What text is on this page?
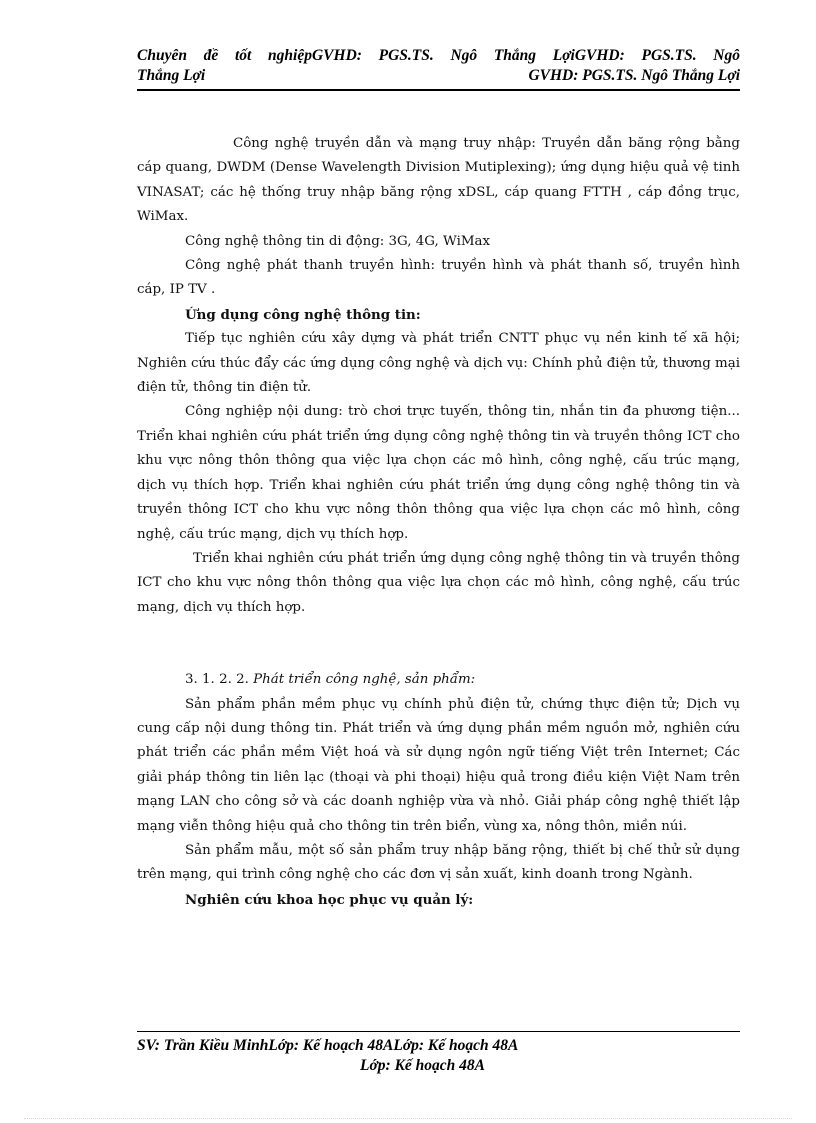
Chuyên đề tốt nghiệpGVHD: PGS.TS. Ngô Thắng LợiGVHD: PGS.TS. Ngô
Thắng Lợi	GVHD: PGS.TS. Ngô Thắng Lợi

Công nghệ truyền dẫn và mạng truy nhập: Truyền dẫn băng rộng bằng cáp quang, DWDM (Dense Wavelength Division Mutiplexing); ứng dụng hiệu quả vệ tinh VINASAT; các hệ thống truy nhập băng rộng xDSL, cáp quang FTTH , cáp đồng trục, WiMax.

Công nghệ thông tin di động: 3G, 4G, WiMax

Công nghệ phát thanh truyền hình: truyền hình và phát thanh số, truyền hình cáp, IP TV .

Ứng dụng công nghệ thông tin:

Tiếp tục nghiên cứu xây dựng và phát triển CNTT phục vụ nền kinh tế xã hội; Nghiên cứu thúc đẩy các ứng dụng công nghệ và dịch vụ: Chính phủ điện tử, thương mại điện tử, thông tin điện tử.

Công nghiệp nội dung: trò chơi trực tuyến, thông tin, nhắn tin đa phương tiện... Triển khai nghiên cứu phát triển ứng dụng công nghệ thông tin và truyền thông ICT cho khu vực nông thôn thông qua việc lựa chọn các mô hình, công nghệ, cấu trúc mạng, dịch vụ thích hợp. Triển khai nghiên cứu phát triển ứng dụng công nghệ thông tin và truyền thông ICT cho khu vực nông thôn thông qua việc lựa chọn các mô hình, công nghệ, cấu trúc mạng, dịch vụ thích hợp.

Triển khai nghiên cứu phát triển ứng dụng công nghệ thông tin và truyền thông ICT cho khu vực nông thôn thông qua việc lựa chọn các mô hình, công nghệ, cấu trúc mạng, dịch vụ thích hợp.

3. 1. 2. 2. Phát triển công nghệ, sản phẩm:

Sản phẩm phần mềm phục vụ chính phủ điện tử, chứng thực điện tử; Dịch vụ cung cấp nội dung thông tin. Phát triển và ứng dụng phần mềm nguồn mở, nghiên cứu phát triển các phần mềm Việt hoá và sử dụng ngôn ngữ tiếng Việt trên Internet; Các giải pháp thông tin liên lạc (thoại và phi thoại) hiệu quả trong điều kiện Việt Nam trên mạng LAN cho công sở và các doanh nghiệp vừa và nhỏ. Giải pháp công nghệ thiết lập mạng viễn thông hiệu quả cho thông tin trên biển, vùng xa, nông thôn, miền núi.

Sản phẩm mẫu, một số sản phẩm truy nhập băng rộng, thiết bị chế thử sử dụng trên mạng, qui trình công nghệ cho các đơn vị sản xuất, kinh doanh trong Ngành.

Nghiên cứu khoa học phục vụ quản lý:

SV: Trần Kiều MinhLớp: Kế hoạch 48ALớp: Kế hoạch 48A
Lớp: Kế hoạch 48A
